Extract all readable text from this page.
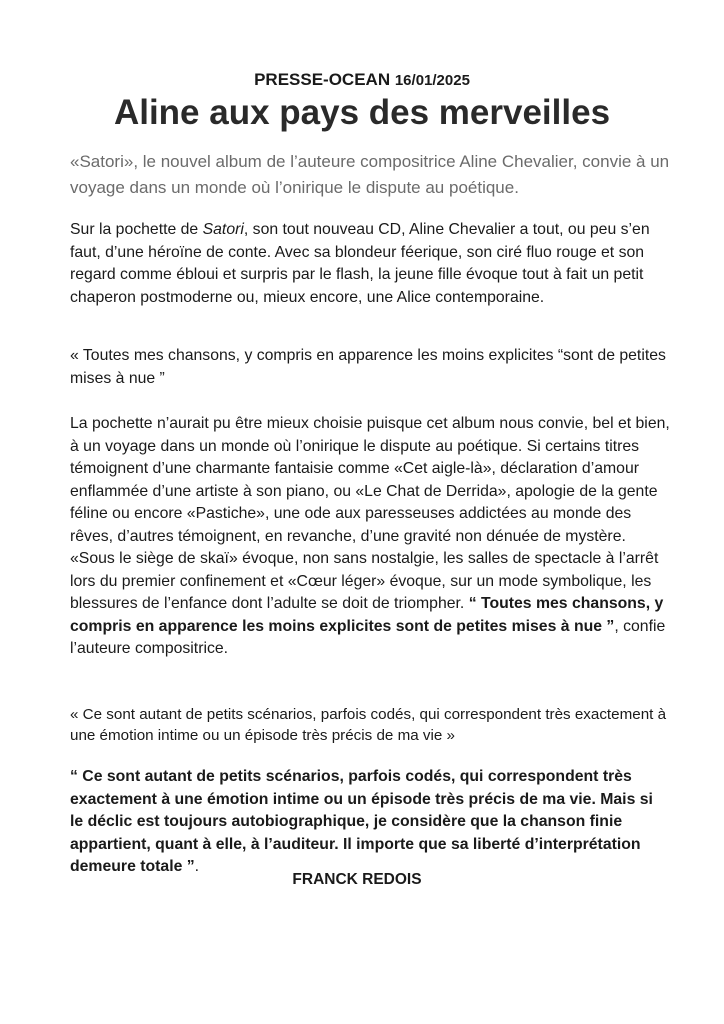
PRESSE-OCEAN 16/01/2025
Aline aux pays des merveilles

«Satori», le nouvel album de l’auteure compositrice Aline Chevalier, convie à un voyage dans un monde où l’onirique le dispute au poétique.

Sur la pochette de Satori, son tout nouveau CD, Aline Chevalier a tout, ou peu s’en faut, d’une héroïne de conte. Avec sa blondeur féerique, son ciré fluo rouge et son regard comme ébloui et surpris par le flash, la jeune fille évoque tout à fait un petit chaperon postmoderne ou, mieux encore, une Alice contemporaine.

« Toutes mes chansons, y compris en apparence les moins explicites “sont de petites mises à nue ”

La pochette n’aurait pu être mieux choisie puisque cet album nous convie, bel et bien, à un voyage dans un monde où l’onirique le dispute au poétique. Si certains titres témoignent d’une charmante fantaisie comme «Cet aigle-là», déclaration d’amour enflammée d’une artiste à son piano, ou «Le Chat de Derrida», apologie de la gente féline ou encore «Pastiche», une ode aux paresseuses addictées au monde des rêves, d’autres témoignent, en revanche, d’une gravité non dénuée de mystère. «Sous le siège de skaï» évoque, non sans nostalgie, les salles de spectacle à l’arrêt lors du premier confinement et «Cœur léger» évoque, sur un mode symbolique, les blessures de l’enfance dont l’adulte se doit de triompher. “ Toutes mes chansons, y compris en apparence les moins explicites sont de petites mises à nue ”, confie l’auteure compositrice.

« Ce sont autant de petits scénarios, parfois codés, qui correspondent très exactement à une émotion intime ou un épisode très précis de ma vie »

“ Ce sont autant de petits scénarios, parfois codés, qui correspondent très exactement à une émotion intime ou un épisode très précis de ma vie. Mais si le déclic est toujours autobiographique, je considère que la chanson finie appartient, quant à elle, à l’auditeur. Il importe que sa liberté d’interprétation demeure totale ”.

FRANCK REDOIS
